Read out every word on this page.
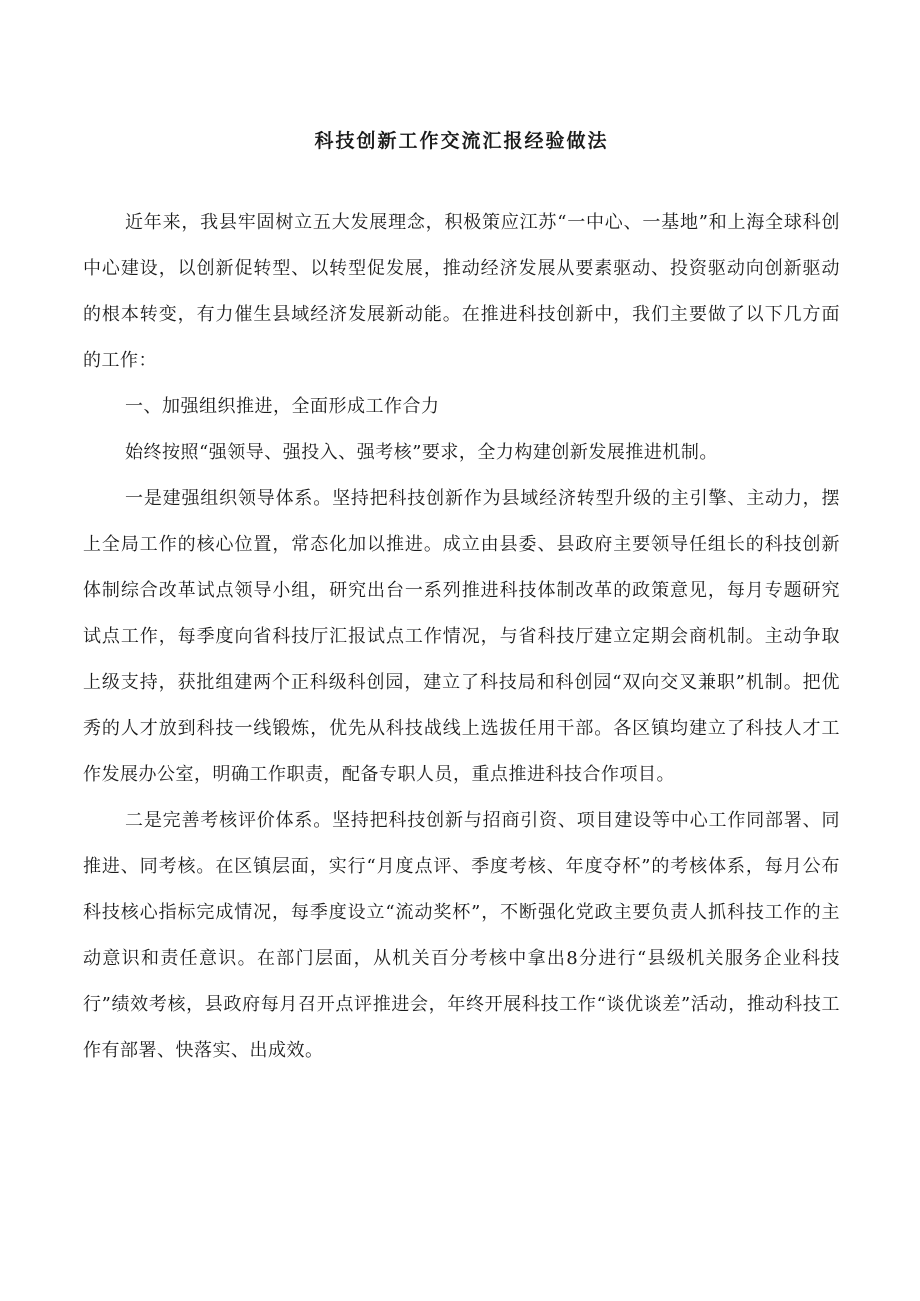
科技创新工作交流汇报经验做法

近年来，我县牢固树立五大发展理念，积极策应江苏“一中心、一基地”和上海全球科创中心建设，以创新促转型、以转型促发展，推动经济发展从要素驱动、投资驱动向创新驱动的根本转变，有力催生县域经济发展新动能。在推进科技创新中，我们主要做了以下几方面的工作：

一、加强组织推进，全面形成工作合力

始终按照“强领导、强投入、强考核”要求，全力构建创新发展推进机制。

一是建强组织领导体系。坚持把科技创新作为县域经济转型升级的主引擎、主动力，摆上全局工作的核心位置，常态化加以推进。成立由县委、县政府主要领导任组长的科技创新体制综合改革试点领导小组，研究出台一系列推进科技体制改革的政策意见，每月专题研究试点工作，每季度向省科技厅汇报试点工作情况，与省科技厅建立定期会商机制。主动争取上级支持，获批组建两个正科级科创园，建立了科技局和科创园“双向交叉兼职”机制。把优秀的人才放到科技一线锻炼，优先从科技战线上选拔任用干部。各区镇均建立了科技人才工作发展办公室，明确工作职责，配备专职人员，重点推进科技合作项目。

二是完善考核评价体系。坚持把科技创新与招商引资、项目建设等中心工作同部署、同推进、同考核。在区镇层面，实行“月度点评、季度考核、年度夺杯”的考核体系，每月公布科技核心指标完成情况，每季度设立“流动奖杯”，不断强化党政主要负责人抓科技工作的主动意识和责任意识。在部门层面，从机关百分考核中拿出8分进行“县级机关服务企业科技行”绩效考核，县政府每月召开点评推进会，年终开展科技工作“谈优谈差”活动，推动科技工作有部署、快落实、出成效。
